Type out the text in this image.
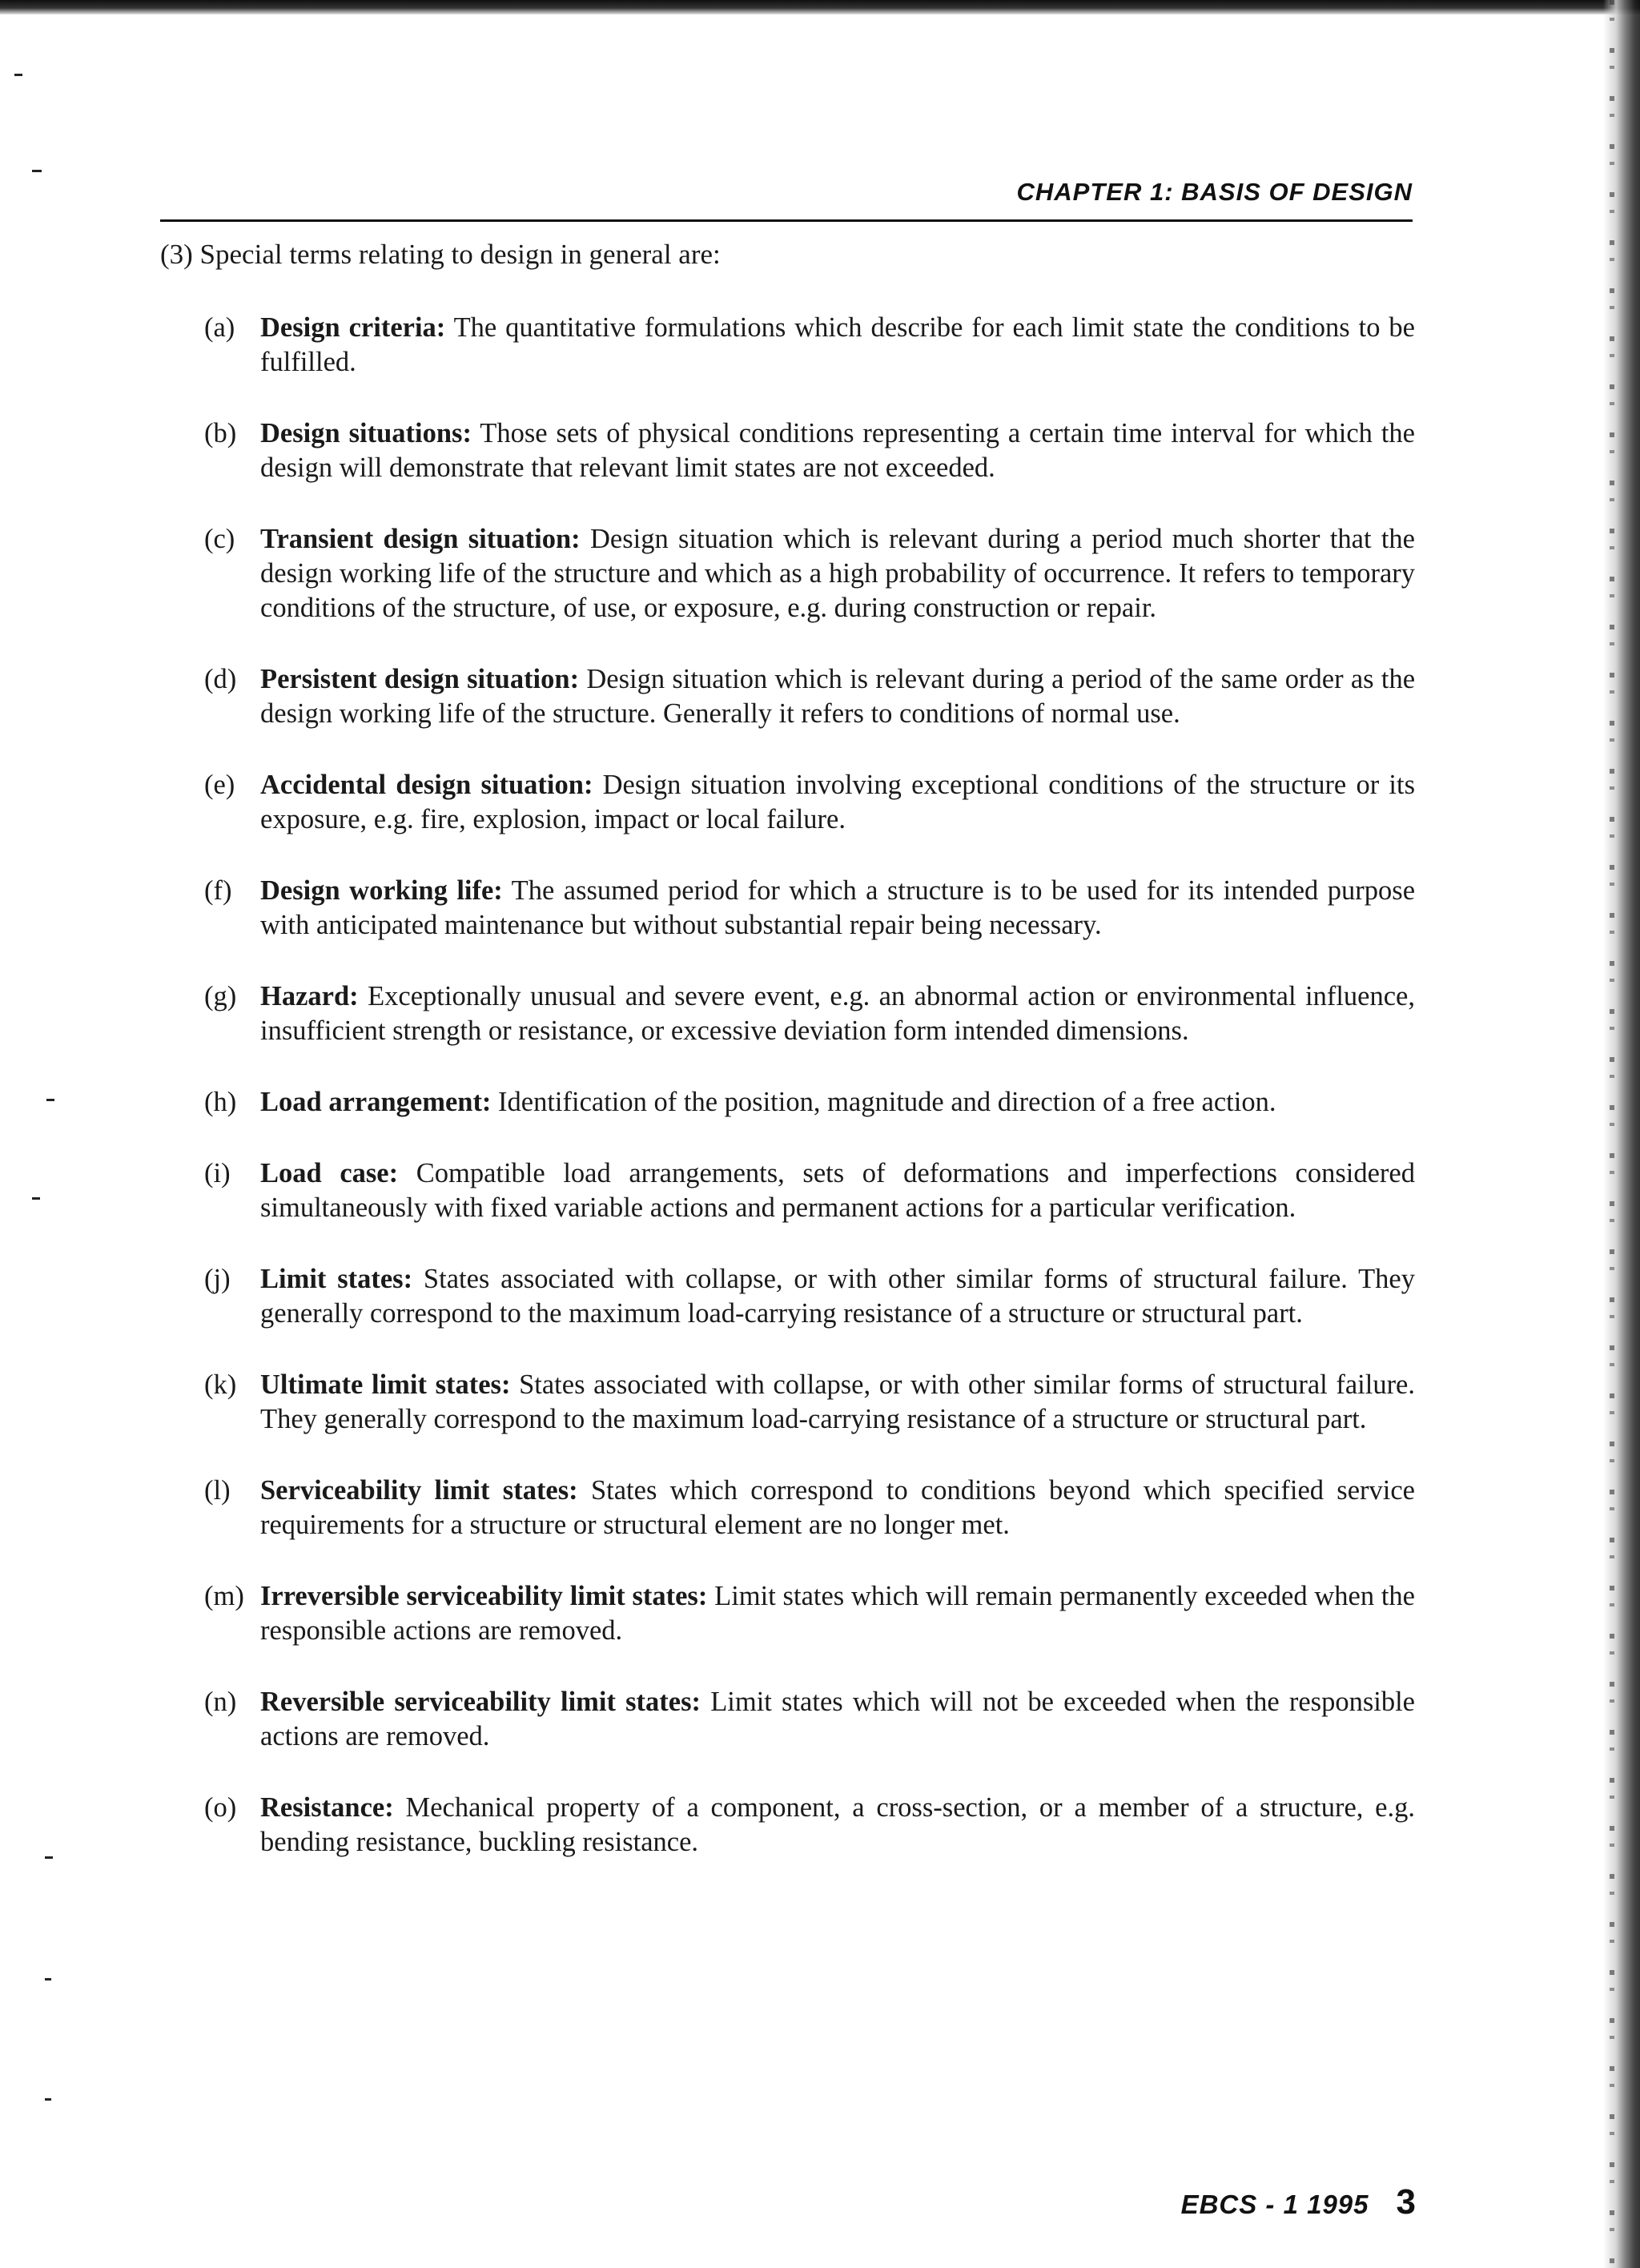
CHAPTER 1: BASIS OF DESIGN
(3) Special terms relating to design in general are:
(a) Design criteria: The quantitative formulations which describe for each limit state the conditions to be fulfilled.
(b) Design situations: Those sets of physical conditions representing a certain time interval for which the design will demonstrate that relevant limit states are not exceeded.
(c) Transient design situation: Design situation which is relevant during a period much shorter that the design working life of the structure and which as a high probability of occurrence. It refers to temporary conditions of the structure, of use, or exposure, e.g. during construction or repair.
(d) Persistent design situation: Design situation which is relevant during a period of the same order as the design working life of the structure. Generally it refers to conditions of normal use.
(e) Accidental design situation: Design situation involving exceptional conditions of the structure or its exposure, e.g. fire, explosion, impact or local failure.
(f) Design working life: The assumed period for which a structure is to be used for its intended purpose with anticipated maintenance but without substantial repair being necessary.
(g) Hazard: Exceptionally unusual and severe event, e.g. an abnormal action or environmental influence, insufficient strength or resistance, or excessive deviation form intended dimensions.
(h) Load arrangement: Identification of the position, magnitude and direction of a free action.
(i) Load case: Compatible load arrangements, sets of deformations and imperfections considered simultaneously with fixed variable actions and permanent actions for a particular verification.
(j) Limit states: States associated with collapse, or with other similar forms of structural failure. They generally correspond to the maximum load-carrying resistance of a structure or structural part.
(k) Ultimate limit states: States associated with collapse, or with other similar forms of structural failure. They generally correspond to the maximum load-carrying resistance of a structure or structural part.
(l) Serviceability limit states: States which correspond to conditions beyond which specified service requirements for a structure or structural element are no longer met.
(m) Irreversible serviceability limit states: Limit states which will remain permanently exceeded when the responsible actions are removed.
(n) Reversible serviceability limit states: Limit states which will not be exceeded when the responsible actions are removed.
(o) Resistance: Mechanical property of a component, a cross-section, or a member of a structure, e.g. bending resistance, buckling resistance.
EBCS - 1 1995 3
